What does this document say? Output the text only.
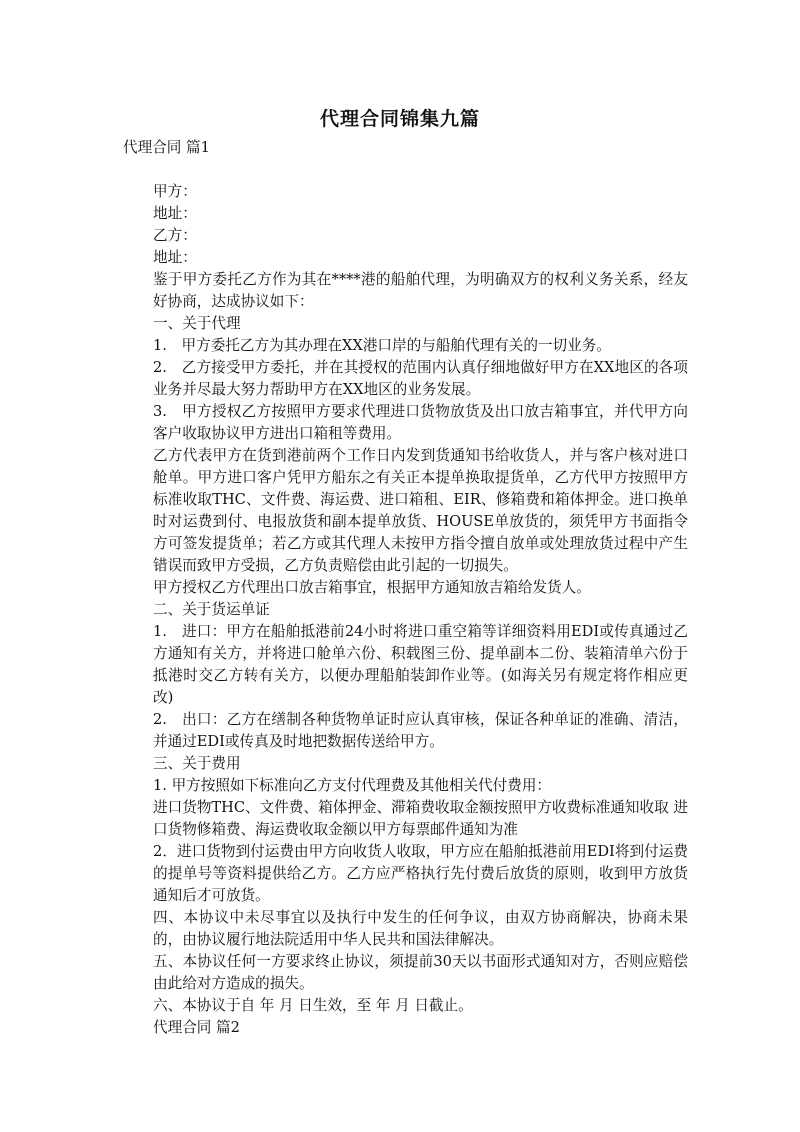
代理合同锦集九篇

代理合同 篇1

甲方：

地址：

乙方：

地址：

鉴于甲方委托乙方作为其在****港的船舶代理，为明确双方的权利义务关系，经友好协商，达成协议如下：

一、关于代理

1.　甲方委托乙方为其办理在XX港口岸的与船舶代理有关的一切业务。

2.　乙方接受甲方委托，并在其授权的范围内认真仔细地做好甲方在XX地区的各项业务并尽最大努力帮助甲方在XX地区的业务发展。

3.　甲方授权乙方按照甲方要求代理进口货物放货及出口放吉箱事宜，并代甲方向客户收取协议甲方进出口箱租等费用。

乙方代表甲方在货到港前两个工作日内发到货通知书给收货人，并与客户核对进口舱单。甲方进口客户凭甲方船东之有关正本提单换取提货单，乙方代甲方按照甲方标准收取THC、文件费、海运费、进口箱租、EIR、修箱费和箱体押金。进口换单时对运费到付、电报放货和副本提单放货、HOUSE单放货的，须凭甲方书面指令方可签发提货单；若乙方或其代理人未按甲方指令擅自放单或处理放货过程中产生错误而致甲方受损，乙方负责赔偿由此引起的一切损失。

甲方授权乙方代理出口放吉箱事宜，根据甲方通知放吉箱给发货人。

二、关于货运单证

1.　进口：甲方在船舶抵港前24小时将进口重空箱等详细资料用EDI或传真通过乙方通知有关方，并将进口舱单六份、积载图三份、提单副本二份、装箱清单六份于抵港时交乙方转有关方，以便办理船舶装卸作业等。(如海关另有规定将作相应更改)

2.　出口：乙方在缮制各种货物单证时应认真审核，保证各种单证的准确、清洁，并通过EDI或传真及时地把数据传送给甲方。

三、关于费用

1. 甲方按照如下标准向乙方支付代理费及其他相关代付费用：

进口货物THC、文件费、箱体押金、滞箱费收取金额按照甲方收费标准通知收取 进口货物修箱费、海运费收取金额以甲方每票邮件通知为准

2．进口货物到付运费由甲方向收货人收取，甲方应在船舶抵港前用EDI将到付运费的提单号等资料提供给乙方。乙方应严格执行先付费后放货的原则，收到甲方放货通知后才可放货。

四、本协议中未尽事宜以及执行中发生的任何争议，由双方协商解决，协商未果的，由协议履行地法院适用中华人民共和国法律解决。

五、本协议任何一方要求终止协议，须提前30天以书面形式通知对方，否则应赔偿由此给对方造成的损失。

六、本协议于自 年 月 日生效，至 年 月 日截止。

代理合同 篇2
